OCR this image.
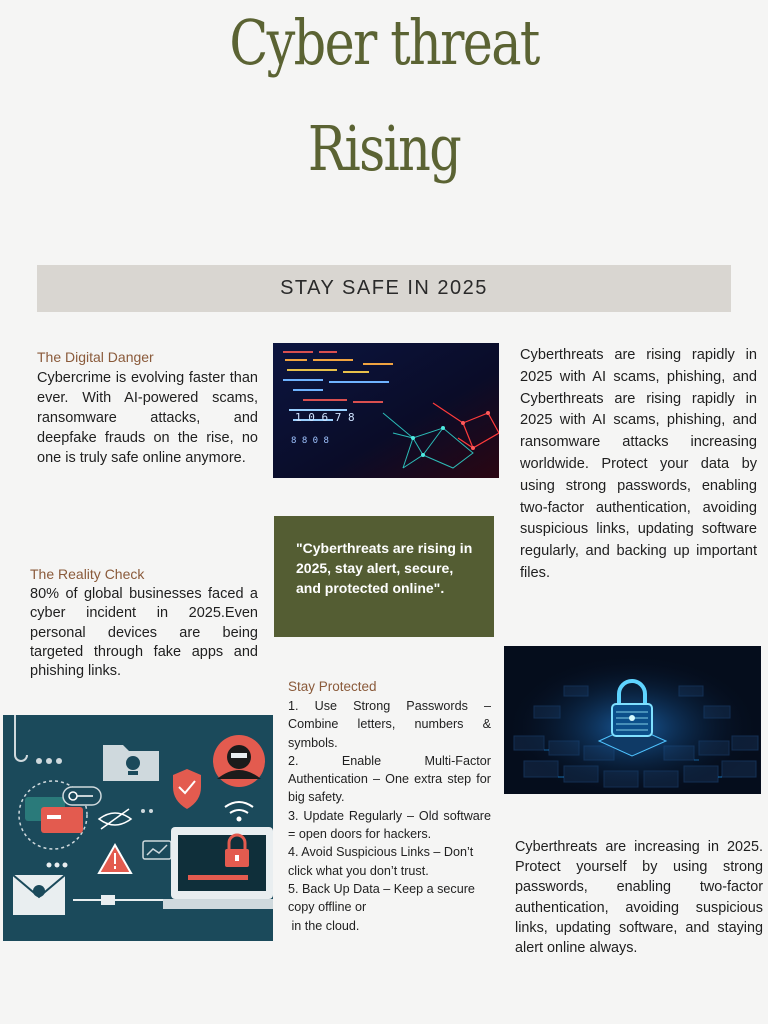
Cyber threat
Rising
STAY SAFE IN 2025
The Digital Danger
Cybercrime is evolving faster than ever. With AI-powered scams, ransomware attacks, and deepfake frauds on the rise, no one is truly safe online anymore.
1 0 6 7 8
8 8 0 8
Cyberthreats are rising rapidly in 2025 with AI scams, phishing, and Cyberthreats are rising rapidly in 2025 with AI scams, phishing, and ransomware attacks increasing worldwide. Protect your data by using strong passwords, enabling two-factor authentication, avoiding suspicious links, updating software regularly, and backing up important files.
"Cyberthreats are rising in 2025, stay alert, secure, and protected online".
The Reality Check
80% of global businesses faced a cyber incident in 2025.Even personal devices are being targeted through fake apps and phishing links.
Stay Protected
1. Use Strong Passwords – Combine letters, numbers & symbols.
2. Enable Multi-Factor Authentication – One extra step for big safety.
3. Update Regularly – Old software = open doors for hackers.
4. Avoid Suspicious Links – Don’t click what you don’t trust.
5. Back Up Data – Keep a secure copy offline or
in the cloud.
Cyberthreats are increasing in 2025. Protect yourself by using strong passwords, enabling two-factor authentication, avoiding suspicious links, updating software, and staying alert online always.
